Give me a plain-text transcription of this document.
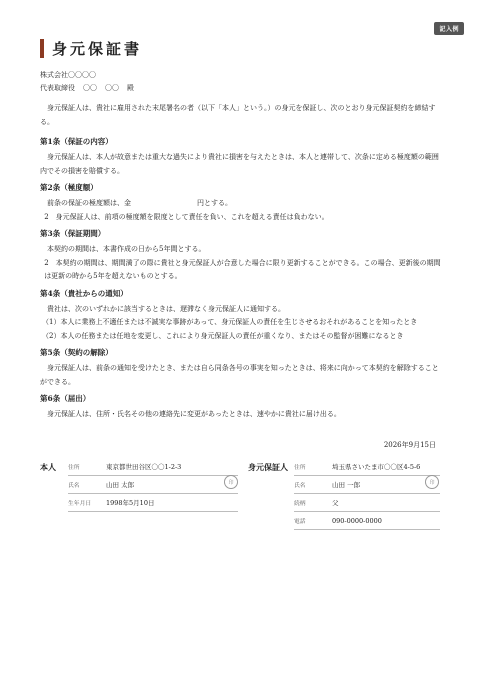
記入例
身元保証書
株式会社〇〇〇〇
代表取締役 〇〇 〇〇 殿
身元保証人は、貴社に雇用された末尾署名の者（以下「本人」という。）の身元を保証し、次のとおり身元保証契約を締結する。
第1条（保証の内容）

身元保証人は、本人が故意または重大な過失により貴社に損害を与えたときは、本人と連帯して、次条に定める極度額の範囲内でその損害を賠償する。

第2条（極度額）

前条の保証の極度額は、金	円とする。

2　 身元保証人は、前項の極度額を限度として責任を負い、これを超える責任は負わない。

第3条（保証期間）

本契約の期間は、本書作成の日から5年間とする。

2　 本契約の期間は、期間満了の際に貴社と身元保証人が合意した場合に限り更新することができる。この場合、更新後の期間は更新の時から5年を超えないものとする。

第4条（貴社からの通知）

貴社は、次のいずれかに該当するときは、遅滞なく身元保証人に通知する。

（1） 本人に業務上不適任または不誠実な事跡があって、身元保証人の責任を生じさせるおそれがあることを知ったとき
（2） 本人の任務または任地を変更し、これにより身元保証人の責任が重くなり、またはその監督が困難になるとき
第5条（契約の解除）

身元保証人は、前条の通知を受けたとき、または自ら同条各号の事実を知ったときは、将来に向かって本契約を解除することができる。

第6条（届出）

身元保証人は、住所・氏名その他の連絡先に変更があったときは、速やかに貴社に届け出る。

2026年9月15日
本人 住所	東京都世田谷区〇〇1-2-3
氏名	山田 太郎
生年月日	1998年5月10日
印
身元保証人 住所	埼玉県さいたま市〇〇区4-5-6
氏名	山田 一郎
続柄	父
電話	090-0000-0000
印
